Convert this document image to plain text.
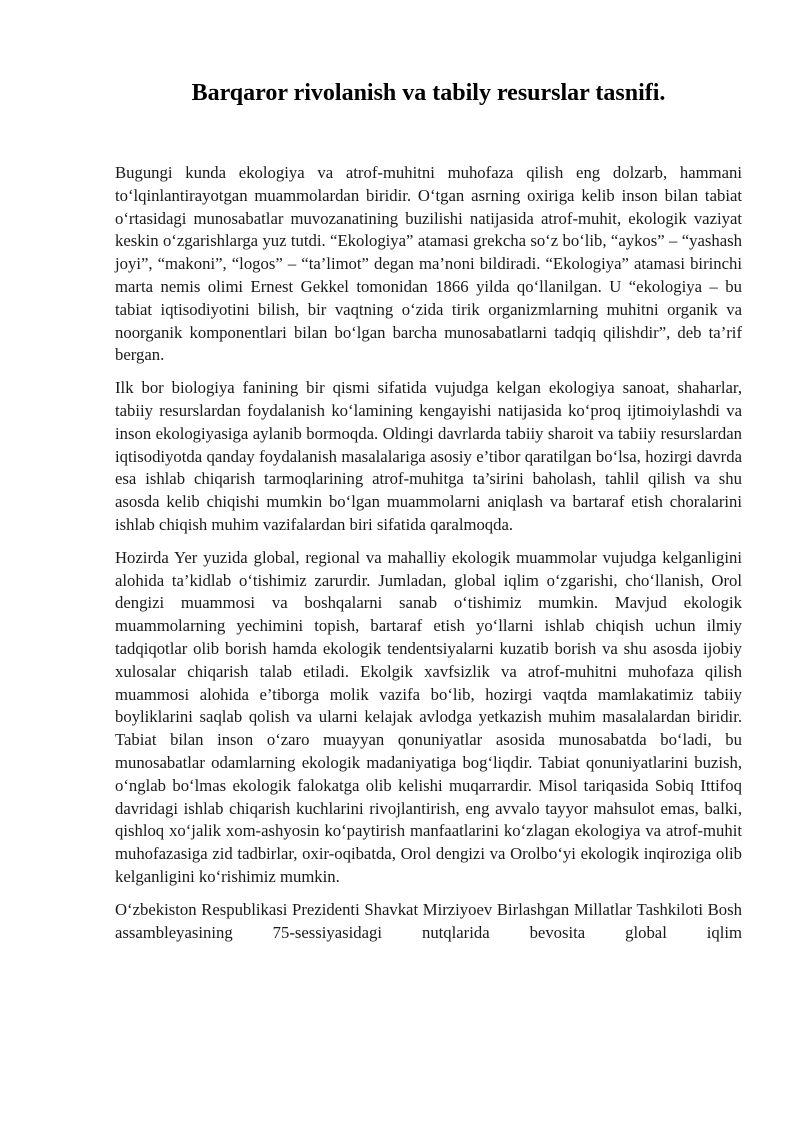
Barqaror rivolanish va tabily resurslar tasnifi.

Bugungi kunda ekologiya va atrof-muhitni muhofaza qilish eng dolzarb, hammani to‘lqinlantirayotgan muammolardan biridir. O‘tgan asrning oxiriga kelib inson bilan tabiat o‘rtasidagi munosabatlar muvozanatining buzilishi natijasida atrof-muhit, ekologik vaziyat keskin o‘zgarishlarga yuz tutdi. “Ekologiya” atamasi grekcha so‘z bo‘lib, “aykos” – “yashash joyi”, “makoni”, “logos” – “ta’limot” degan ma’noni bildiradi. “Ekologiya” atamasi birinchi marta nemis olimi Ernest Gekkel tomonidan 1866 yilda qo‘llanilgan. U “ekologiya – bu tabiat iqtisodiyotini bilish, bir vaqtning o‘zida tirik organizmlarning muhitni organik va noorganik komponentlari bilan bo‘lgan barcha munosabatlarni tadqiq qilishdir”, deb ta’rif bergan.

Ilk bor biologiya fanining bir qismi sifatida vujudga kelgan ekologiya sanoat, shaharlar, tabiiy resurslardan foydalanish ko‘lamining kengayishi natijasida ko‘proq ijtimoiylashdi va inson ekologiyasiga aylanib bormoqda. Oldingi davrlarda tabiiy sharoit va tabiiy resurslardan iqtisodiyotda qanday foydalanish masalalariga asosiy e’tibor qaratilgan bo‘lsa, hozirgi davrda esa ishlab chiqarish tarmoqlarining atrof-muhitga ta’sirini baholash, tahlil qilish va shu asosda kelib chiqishi mumkin bo‘lgan muammolarni aniqlash va bartaraf etish choralarini ishlab chiqish muhim vazifalardan biri sifatida qaralmoqda.

Hozirda Yer yuzida global, regional va mahalliy ekologik muammolar vujudga kelganligini alohida ta’kidlab o‘tishimiz zarurdir. Jumladan, global iqlim o‘zgarishi, cho‘llanish, Orol dengizi muammosi va boshqalarni sanab o‘tishimiz mumkin. Mavjud ekologik muammolarning yechimini topish, bartaraf etish yo‘llarni ishlab chiqish uchun ilmiy tadqiqotlar olib borish hamda ekologik tendentsiyalarni kuzatib borish va shu asosda ijobiy xulosalar chiqarish talab etiladi. Ekolgik xavfsizlik va atrof-muhitni muhofaza qilish muammosi alohida e’tiborga molik vazifa bo‘lib, hozirgi vaqtda mamlakatimiz tabiiy boyliklarini saqlab qolish va ularni kelajak avlodga yetkazish muhim masalalardan biridir. Tabiat bilan inson o‘zaro muayyan qonuniyatlar asosida munosabatda bo‘ladi, bu munosabatlar odamlarning ekologik madaniyatiga bog‘liqdir. Tabiat qonuniyatlarini buzish, o‘nglab bo‘lmas ekologik falokatga olib kelishi muqarrardir. Misol tariqasida Sobiq Ittifoq davridagi ishlab chiqarish kuchlarini rivojlantirish, eng avvalo tayyor mahsulot emas, balki, qishloq xo‘jalik xom-ashyosin ko‘paytirish manfaatlarini ko‘zlagan ekologiya va atrof-muhit muhofazasiga zid tadbirlar, oxir-oqibatda, Orol dengizi va Orolbo‘yi ekologik inqiroziga olib kelganligini ko‘rishimiz mumkin.

O‘zbekiston Respublikasi Prezidenti Shavkat Mirziyoev Birlashgan Millatlar Tashkiloti Bosh assambleyasining 75-sessiyasidagi nutqlarida bevosita global iqlim
